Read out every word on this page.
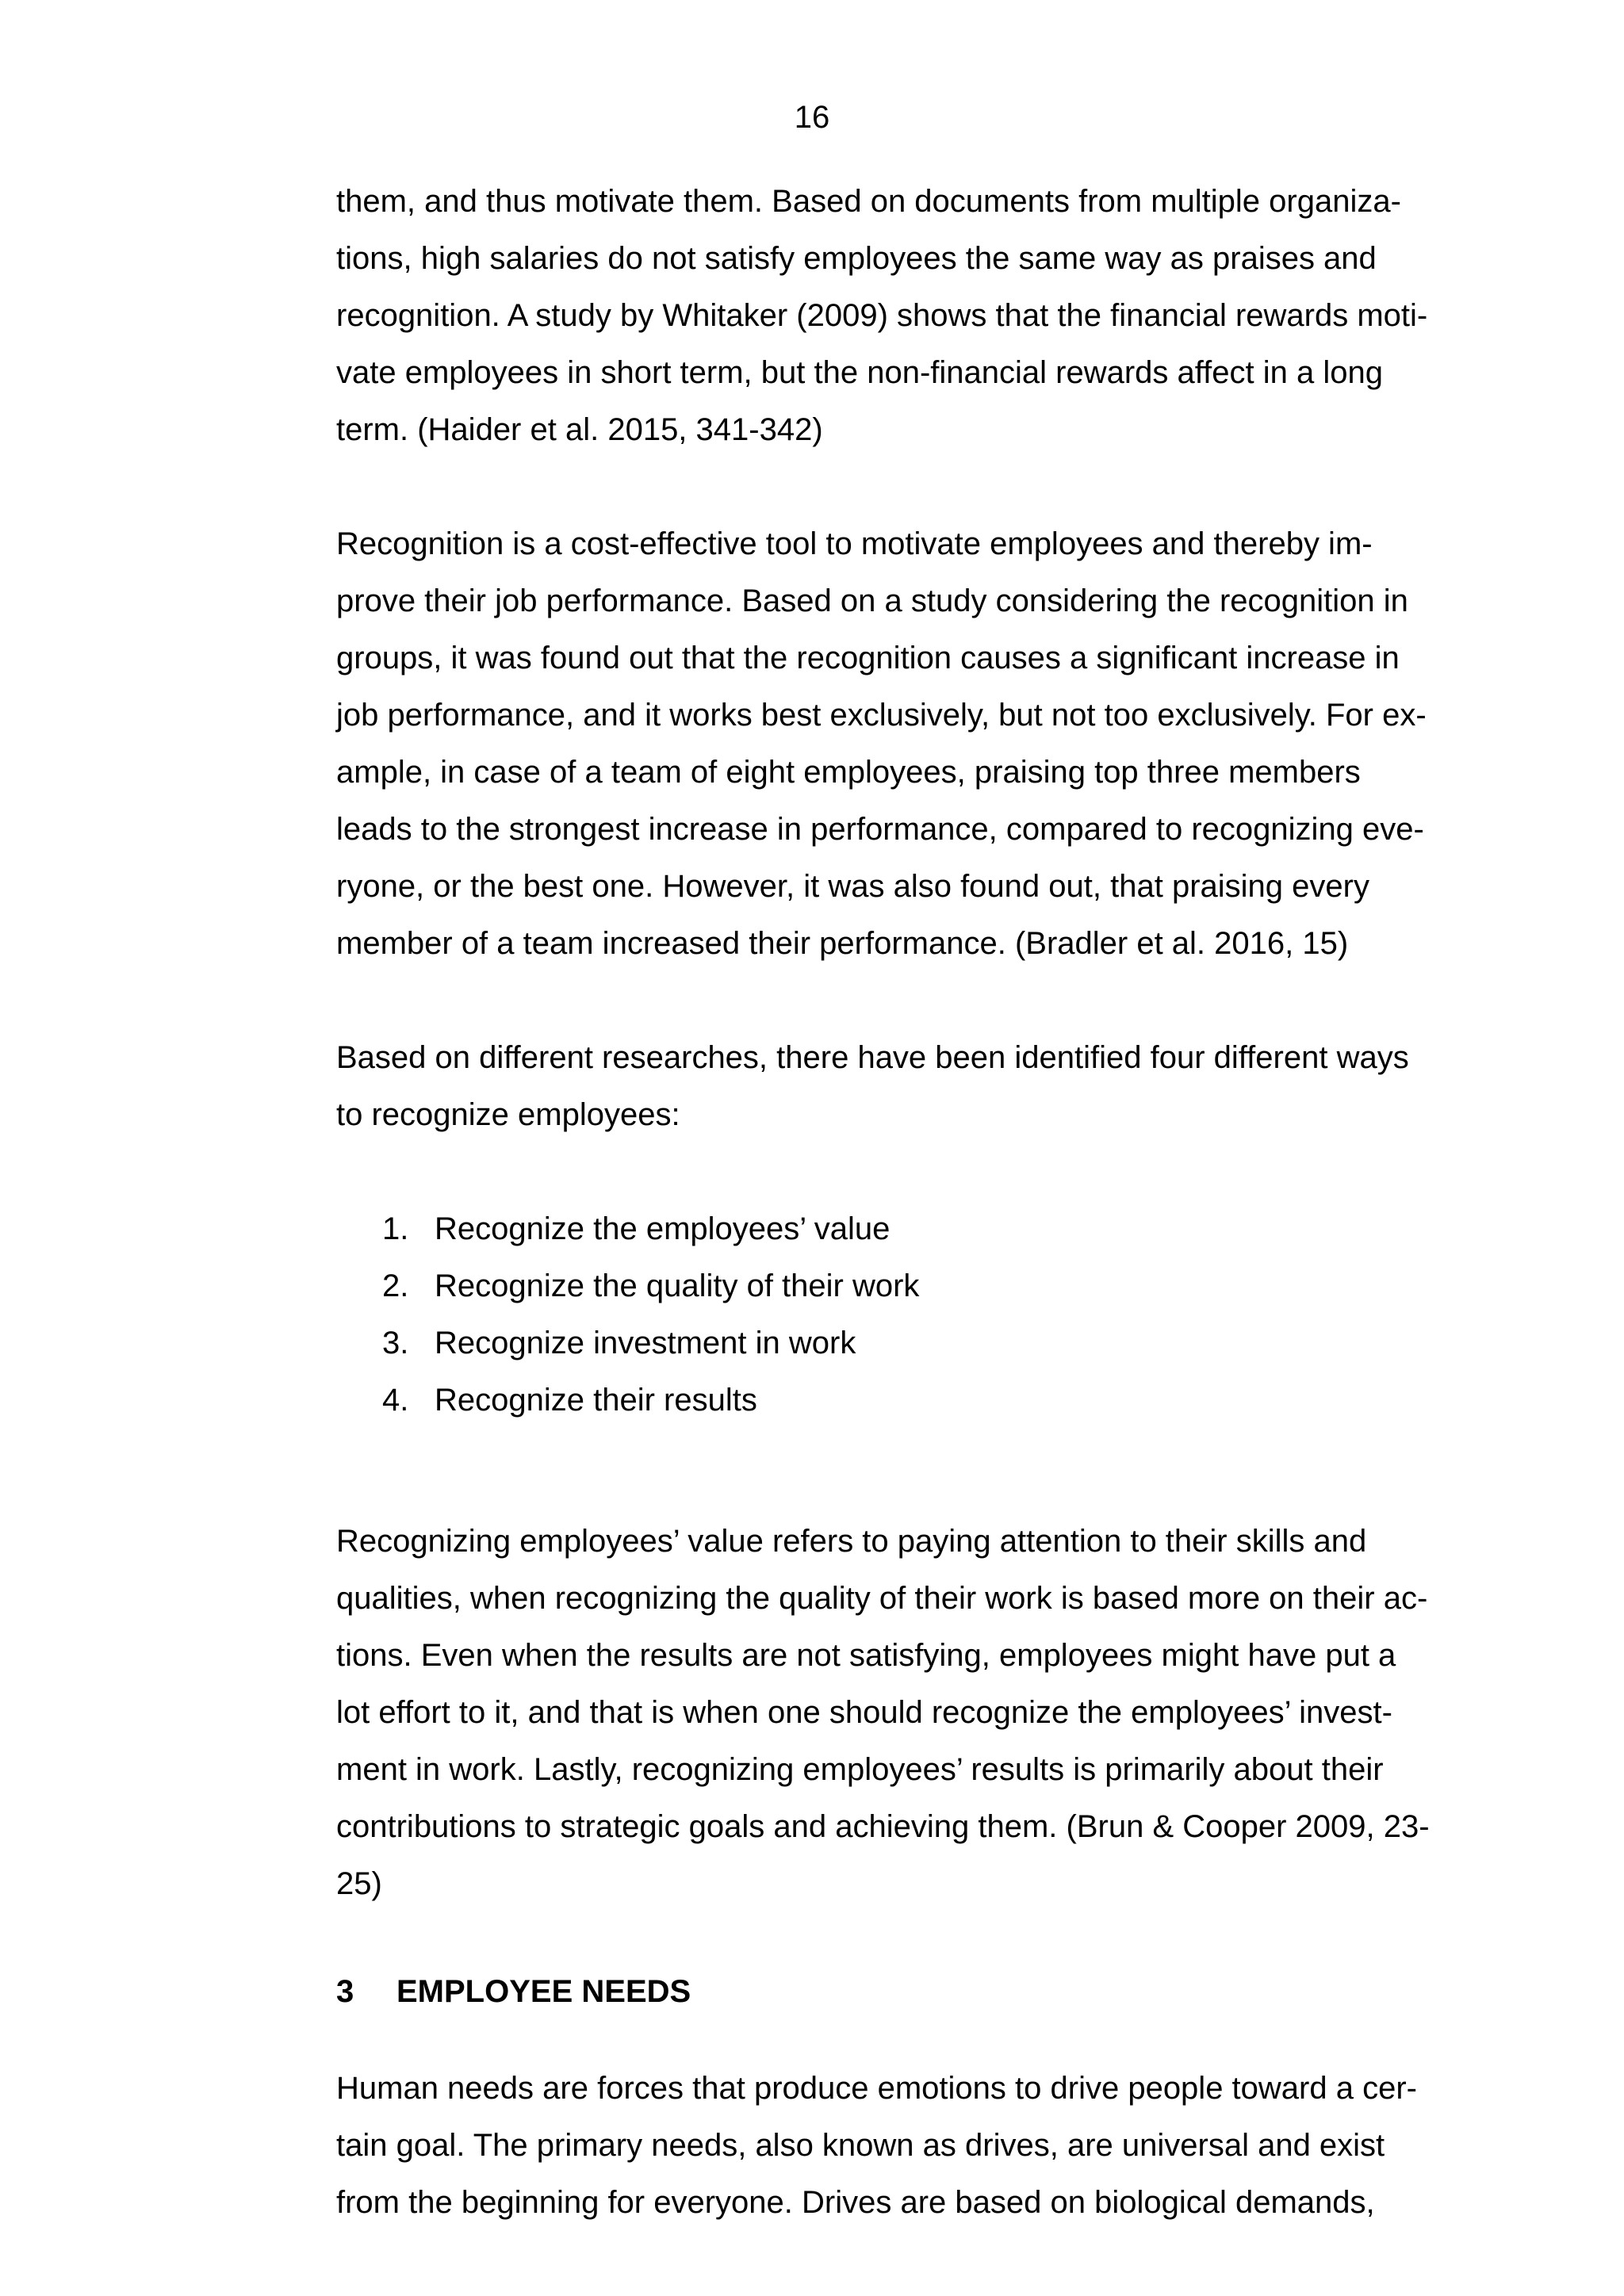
16

them, and thus motivate them. Based on documents from multiple organiza-
tions, high salaries do not satisfy employees the same way as praises and
recognition. A study by Whitaker (2009) shows that the financial rewards moti-
vate employees in short term, but the non-financial rewards affect in a long
term. (Haider et al. 2015, 341-342)

Recognition is a cost-effective tool to motivate employees and thereby im-
prove their job performance. Based on a study considering the recognition in
groups, it was found out that the recognition causes a significant increase in
job performance, and it works best exclusively, but not too exclusively. For ex-
ample, in case of a team of eight employees, praising top three members
leads to the strongest increase in performance, compared to recognizing eve-
ryone, or the best one. However, it was also found out, that praising every
member of a team increased their performance. (Bradler et al. 2016, 15)

Based on different researches, there have been identified four different ways
to recognize employees:

1. Recognize the employees’ value
2. Recognize the quality of their work
3. Recognize investment in work
4. Recognize their results

Recognizing employees’ value refers to paying attention to their skills and
qualities, when recognizing the quality of their work is based more on their ac-
tions. Even when the results are not satisfying, employees might have put a
lot effort to it, and that is when one should recognize the employees’ invest-
ment in work. Lastly, recognizing employees’ results is primarily about their
contributions to strategic goals and achieving them. (Brun & Cooper 2009, 23-
25)

3 EMPLOYEE NEEDS

Human needs are forces that produce emotions to drive people toward a cer-
tain goal. The primary needs, also known as drives, are universal and exist
from the beginning for everyone. Drives are based on biological demands,
